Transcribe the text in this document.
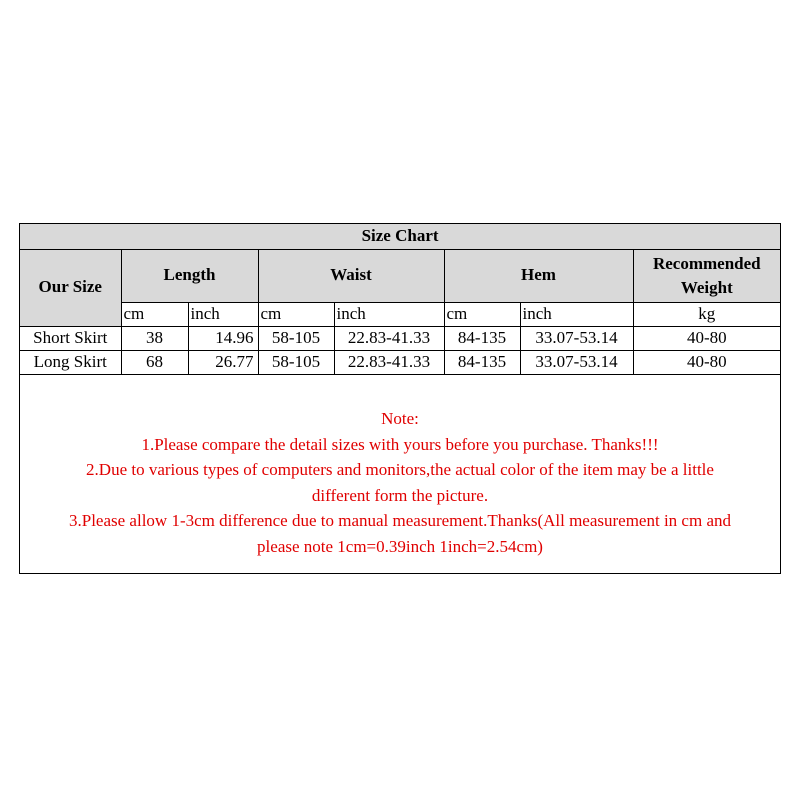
Size Chart							
Our Size	Length		Waist		Hem		Recommended
Weight
	cm	inch	cm	inch	cm	inch	kg
Short Skirt	38	14.96	58-105	22.83-41.33	84-135	33.07-53.14	40-80
Long Skirt	68	26.77	58-105	22.83-41.33	84-135	33.07-53.14	40-80
Note:
1.Please compare the detail sizes with yours before you purchase. Thanks!!!
2.Due to various types of computers and monitors,the actual color of the item may be a little
different form the picture.
3.Please allow 1-3cm difference due to manual measurement.Thanks(All measurement in cm and
please note 1cm=0.39inch 1inch=2.54cm)
